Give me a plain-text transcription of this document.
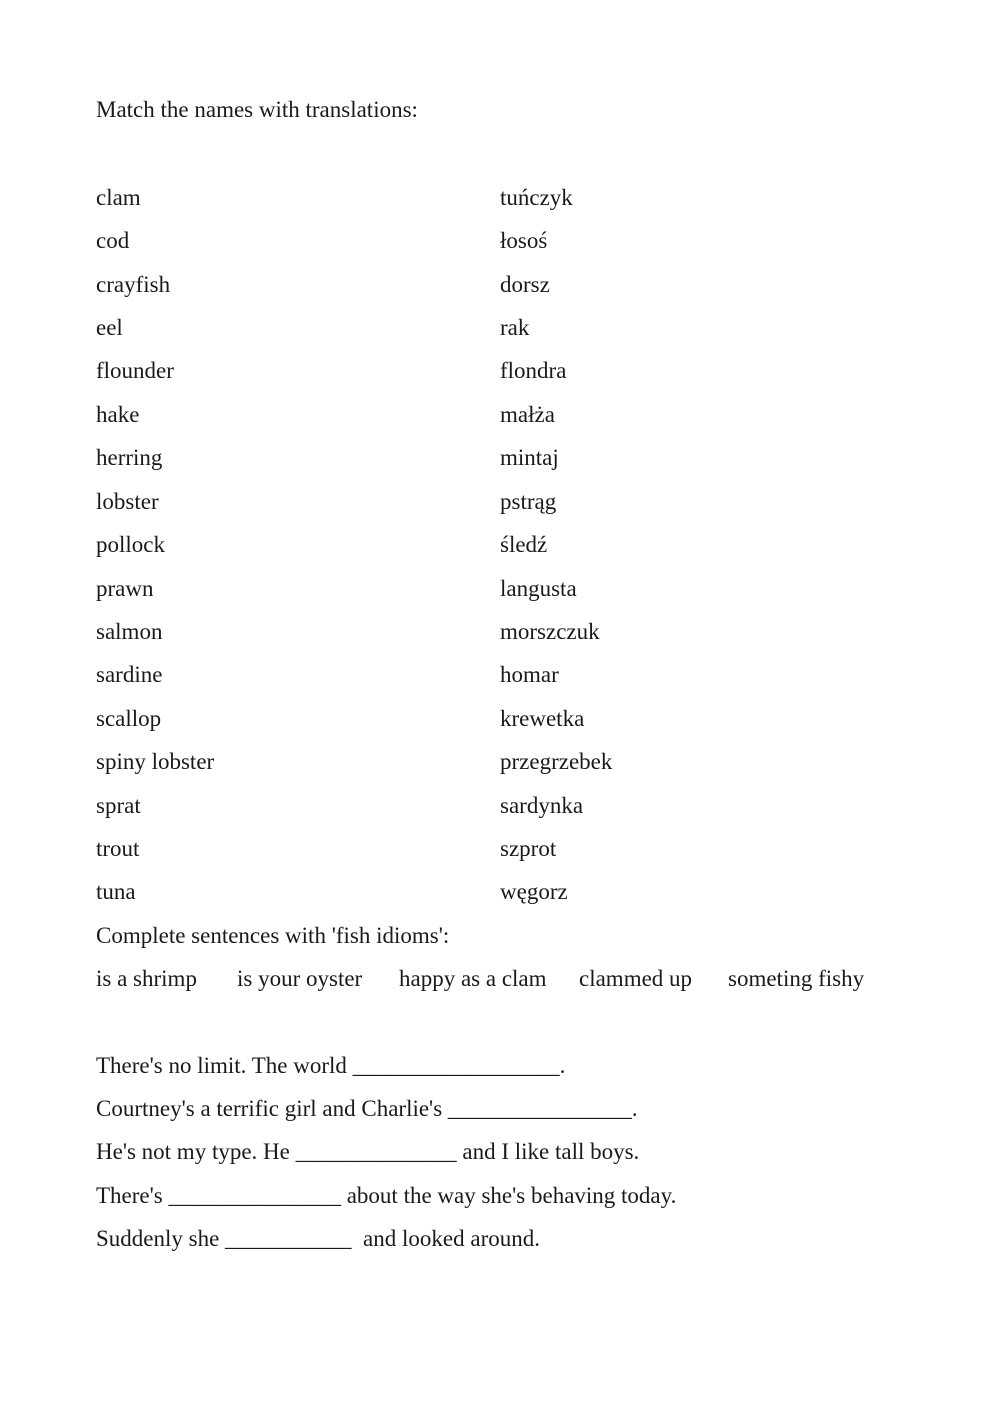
Match the names with translations:
clam
cod
crayfish
eel
flounder
hake
herring
lobster
pollock
prawn
salmon
sardine
scallop
spiny lobster
sprat
trout
tuna
tuńczyk
łosoś
dorsz
rak
flondra
małża
mintaj
pstrąg
śledź
langusta
morszczuk
homar
krewetka
przegrzebek
sardynka
szprot
węgorz
Complete sentences with 'fish idioms':
is a shrimp is your oyster happy as a clam clammed up someting fishy
There's no limit. The world __________________.
Courtney's a terrific girl and Charlie's ________________.
He's not my type. He ______________ and I like tall boys.
There's _______________ about the way she's behaving today.
Suddenly she ___________  and looked around.
